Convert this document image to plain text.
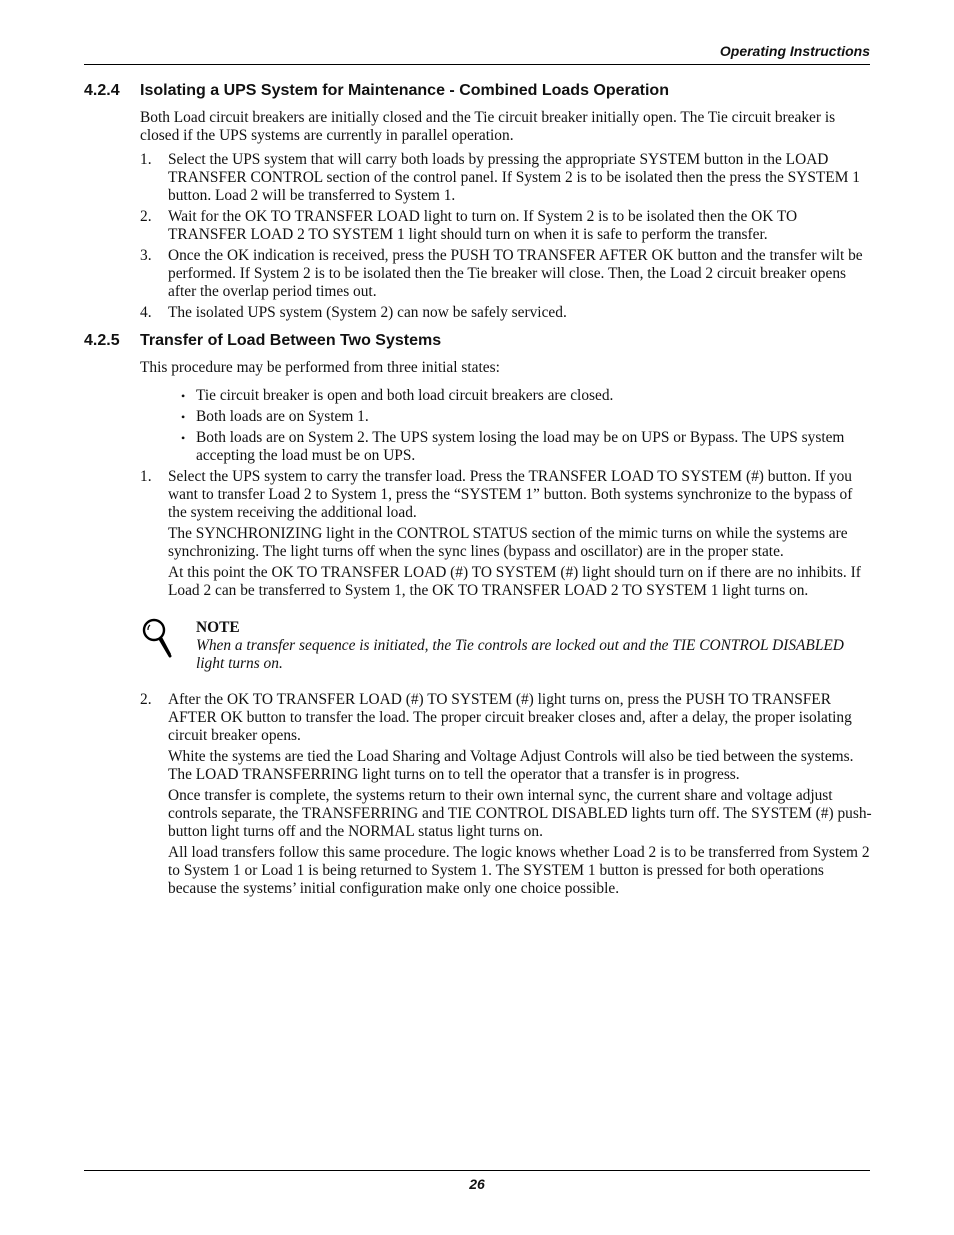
Operating Instructions
4.2.4	Isolating a UPS System for Maintenance - Combined Loads Operation

Both Load circuit breakers are initially closed and the Tie circuit breaker initially open. The Tie circuit breaker is closed if the UPS systems are currently in parallel operation.

1.	Select the UPS system that will carry both loads by pressing the appropriate SYSTEM button in the LOAD TRANSFER CONTROL section of the control panel. If System 2 is to be isolated then the press the SYSTEM 1 button. Load 2 will be transferred to System 1.
2.	Wait for the OK TO TRANSFER LOAD light to turn on. If System 2 is to be isolated then the OK TO TRANSFER LOAD 2 TO SYSTEM 1 light should turn on when it is safe to perform the transfer.
3.	Once the OK indication is received, press the PUSH TO TRANSFER AFTER OK button and the transfer wilt be performed. If System 2 is to be isolated then the Tie breaker will close. Then, the Load 2 circuit breaker opens after the overlap period times out.
4.	The isolated UPS system (System 2) can now be safely serviced.
4.2.5	Transfer of Load Between Two Systems

This procedure may be performed from three initial states:

• Tie circuit breaker is open and both load circuit breakers are closed.
• Both loads are on System 1.
• Both loads are on System 2. The UPS system losing the load may be on UPS or Bypass. The UPS system accepting the load must be on UPS.
1.	Select the UPS system to carry the transfer load. Press the TRANSFER LOAD TO SYSTEM (#) button. If you want to transfer Load 2 to System 1, press the “SYSTEM 1” button. Both systems synchronize to the bypass of the system receiving the additional load.

The SYNCHRONIZING light in the CONTROL STATUS section of the mimic turns on while the systems are synchronizing. The light turns off when the sync lines (bypass and oscillator) are in the proper state.

At this point the OK TO TRANSFER LOAD (#) TO SYSTEM (#) light should turn on if there are no inhibits. If Load 2 can be transferred to System 1, the OK TO TRANSFER LOAD 2 TO SYSTEM 1 light turns on.

NOTE
When a transfer sequence is initiated, the Tie controls are locked out and the TIE CONTROL DISABLED light turns on.
2.	After the OK TO TRANSFER LOAD (#) TO SYSTEM (#) light turns on, press the PUSH TO TRANSFER AFTER OK button to transfer the load. The proper circuit breaker closes and, after a delay, the proper isolating circuit breaker opens.

White the systems are tied the Load Sharing and Voltage Adjust Controls will also be tied between the systems. The LOAD TRANSFERRING light turns on to tell the operator that a transfer is in progress.

Once transfer is complete, the systems return to their own internal sync, the current share and voltage adjust controls separate, the TRANSFERRING and TIE CONTROL DISABLED lights turn off. The SYSTEM (#) push-button light turns off and the NORMAL status light turns on.

All load transfers follow this same procedure. The logic knows whether Load 2 is to be transferred from System 2 to System 1 or Load 1 is being returned to System 1. The SYSTEM 1 button is pressed for both operations because the systems’ initial configuration make only one choice possible.

26
